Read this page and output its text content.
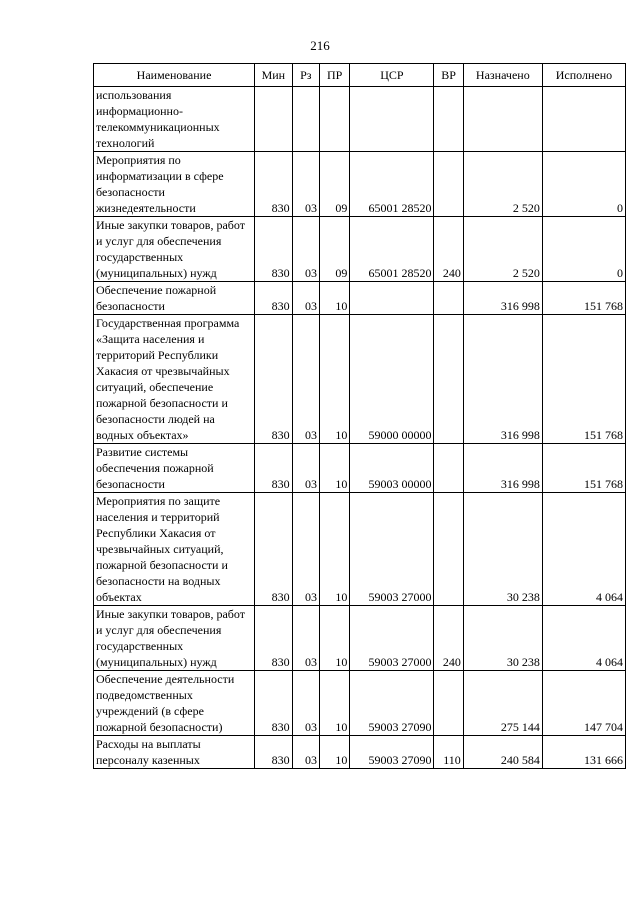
216
Наименование	Мин	Рз	ПР	ЦСР	ВР	Назначено	Исполнено
использования информационно-телекоммуникационных технологий							
Мероприятия по информатизации в сфере безопасности жизнедеятельности	830	03	09	65001 28520		2 520	0
Иные закупки товаров, работ и услуг для обеспечения государственных (муниципальных) нужд	830	03	09	65001 28520	240	2 520	0
Обеспечение пожарной безопасности	830	03	10			316 998	151 768
Государственная программа «Защита населения и территорий Республики Хакасия от чрезвычайных ситуаций, обеспечение пожарной безопасности и безопасности людей на водных объектах»	830	03	10	59000 00000		316 998	151 768
Развитие системы обеспечения пожарной безопасности	830	03	10	59003 00000		316 998	151 768
Мероприятия по защите населения и территорий Республики Хакасия от чрезвычайных ситуаций, пожарной безопасности и безопасности на водных объектах	830	03	10	59003 27000		30 238	4 064
Иные закупки товаров, работ и услуг для обеспечения государственных (муниципальных) нужд	830	03	10	59003 27000	240	30 238	4 064
Обеспечение деятельности подведомственных учреждений (в сфере пожарной безопасности)	830	03	10	59003 27090		275 144	147 704
Расходы на выплаты персоналу казенных	830	03	10	59003 27090	110	240 584	131 666
